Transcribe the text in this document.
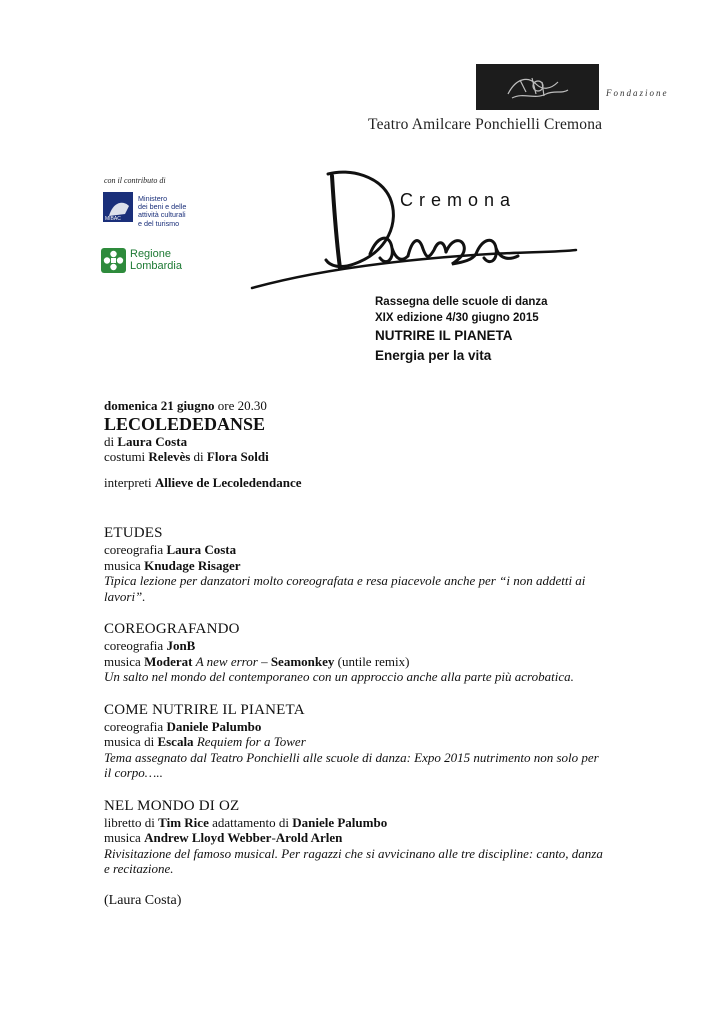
Fondazione
Teatro Amilcare Ponchielli Cremona
con il contributo di
MIBAC
Ministero
dei beni e delle
attività culturali
e del turismo
Regione
Lombardia
Cremona
Rassegna delle scuole di danza
XIX edizione 4/30 giugno 2015
NUTRIRE IL PIANETA
Energia per la vita

domenica 21 giugno ore 20.30

LECOLEDEDANSE

di Laura Costa

costumi Relevès di Flora Soldi

interpreti Allieve de Lecoledendance

ETUDES

coreografia Laura Costa

musica Knudage Risager

Tipica lezione per danzatori molto coreografata e resa piacevole anche per “i non addetti ai lavori”.

COREOGRAFANDO

coreografia JonB

musica Moderat A new error – Seamonkey (untile remix)

Un salto nel mondo del contemporaneo con un approccio anche alla parte più acrobatica.

COME NUTRIRE IL PIANETA

coreografia Daniele Palumbo

musica di Escala Requiem for a Tower

Tema assegnato dal Teatro Ponchielli alle scuole di danza: Expo 2015 nutrimento non solo per il corpo…..

NEL MONDO DI OZ

libretto di Tim Rice adattamento di Daniele Palumbo

musica Andrew Lloyd Webber-Arold Arlen

Rivisitazione del famoso musical. Per ragazzi che si avvicinano alle tre discipline: canto, danza e recitazione.

(Laura Costa)
